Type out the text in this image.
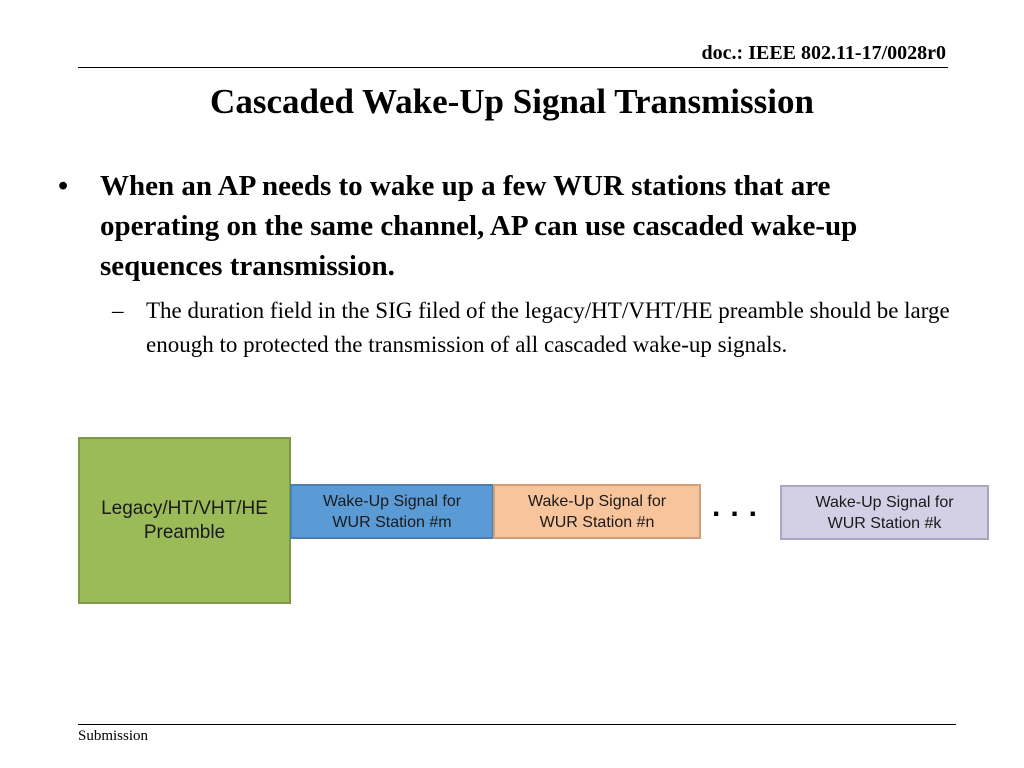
doc.: IEEE 802.11-17/0028r0
Cascaded Wake-Up Signal Transmission
•	When an AP needs to wake up a few WUR stations that are operating on the same channel, AP can use cascaded wake-up sequences transmission.
– The duration field in the SIG filed of the legacy/HT/VHT/HE preamble should be large enough to protected the transmission of all cascaded wake-up signals.
Legacy/HT/VHT/HE
Preamble
Wake-Up Signal for
WUR Station #m
Wake-Up Signal for
WUR Station #n	...	Wake-Up Signal for
WUR Station #k
Submission
